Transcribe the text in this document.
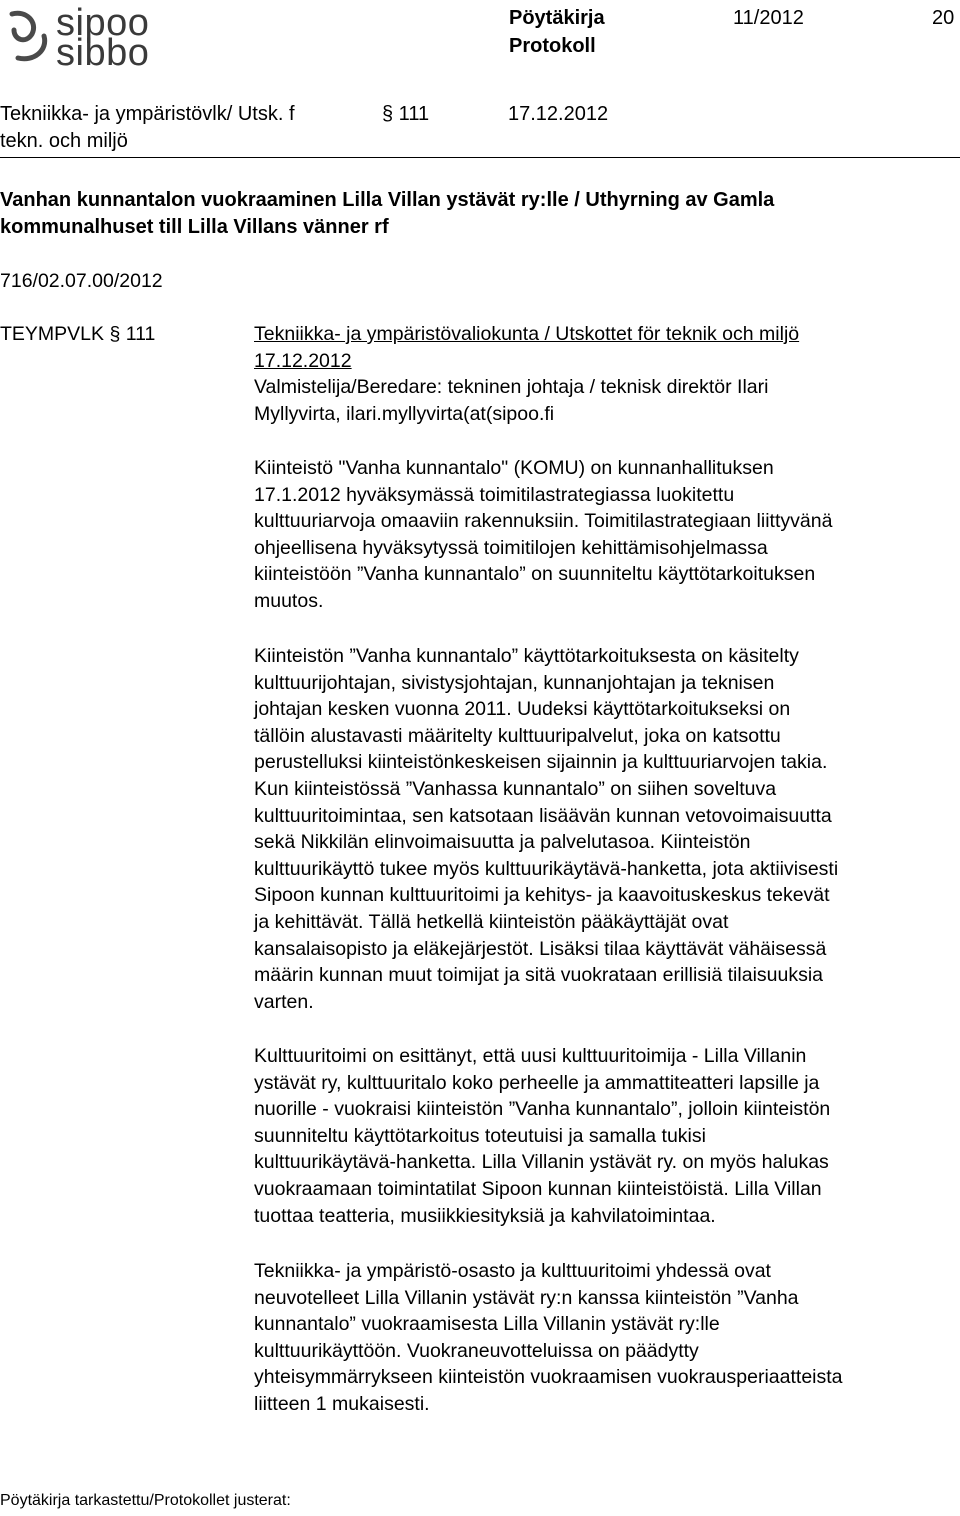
sipoo
sibbo
Pöytäkirja
Protokoll
11/2012	20
Tekniikka- ja ympäristövlk/ Utsk. f
tekn. och miljö
§ 111	17.12.2012
Vanhan kunnantalon vuokraaminen Lilla Villan ystävät ry:lle / Uthyrning av Gamla
kommunalhuset till Lilla Villans vänner rf
716/02.07.00/2012
TEYMPVLK § 111	Tekniikka- ja ympäristövaliokunta / Utskottet för teknik och miljö

17.12.2012

Valmistelija/Beredare: tekninen johtaja / teknisk direktör Ilari

Myllyvirta, ilari.myllyvirta(at(sipoo.fi

Kiinteistö "Vanha kunnantalo" (KOMU) on kunnanhallituksen

17.1.2012 hyväksymässä toimitilastrategiassa luokitettu

kulttuuriarvoja omaaviin rakennuksiin. Toimitilastrategiaan liittyvänä

ohjeellisena hyväksytyssä toimitilojen kehittämisohjelmassa

kiinteistöön ”Vanha kunnantalo” on suunniteltu käyttötarkoituksen

muutos.

Kiinteistön ”Vanha kunnantalo” käyttötarkoituksesta on käsitelty

kulttuurijohtajan, sivistysjohtajan, kunnanjohtajan ja teknisen

johtajan kesken vuonna 2011. Uudeksi käyttötarkoitukseksi on

tällöin alustavasti määritelty kulttuuripalvelut, joka on katsottu

perustelluksi kiinteistönkeskeisen sijainnin ja kulttuuriarvojen takia.

Kun kiinteistössä ”Vanhassa kunnantalo” on siihen soveltuva

kulttuuritoimintaa, sen katsotaan lisäävän kunnan vetovoimaisuutta

sekä Nikkilän elinvoimaisuutta ja palvelutasoa. Kiinteistön

kulttuurikäyttö tukee myös kulttuurikäytävä-hanketta, jota aktiivisesti

Sipoon kunnan kulttuuritoimi ja kehitys- ja kaavoituskeskus tekevät

ja kehittävät. Tällä hetkellä kiinteistön pääkäyttäjät ovat

kansalaisopisto ja eläkejärjestöt. Lisäksi tilaa käyttävät vähäisessä

määrin kunnan muut toimijat ja sitä vuokrataan erillisiä tilaisuuksia

varten.

Kulttuuritoimi on esittänyt, että uusi kulttuuritoimija - Lilla Villanin

ystävät ry, kulttuuritalo koko perheelle ja ammattiteatteri lapsille ja

nuorille - vuokraisi kiinteistön ”Vanha kunnantalo”, jolloin kiinteistön

suunniteltu käyttötarkoitus toteutuisi ja samalla tukisi

kulttuurikäytävä-hanketta. Lilla Villanin ystävät ry. on myös halukas

vuokraamaan toimintatilat Sipoon kunnan kiinteistöistä. Lilla Villan

tuottaa teatteria, musiikkiesityksiä ja kahvilatoimintaa.

Tekniikka- ja ympäristö-osasto ja kulttuuritoimi yhdessä ovat

neuvotelleet Lilla Villanin ystävät ry:n kanssa kiinteistön ”Vanha

kunnantalo” vuokraamisesta Lilla Villanin ystävät ry:lle

kulttuurikäyttöön. Vuokraneuvotteluissa on päädytty

yhteisymmärrykseen kiinteistön vuokraamisen vuokrausperiaatteista

liitteen 1 mukaisesti.

Pöytäkirja tarkastettu/Protokollet justerat:
